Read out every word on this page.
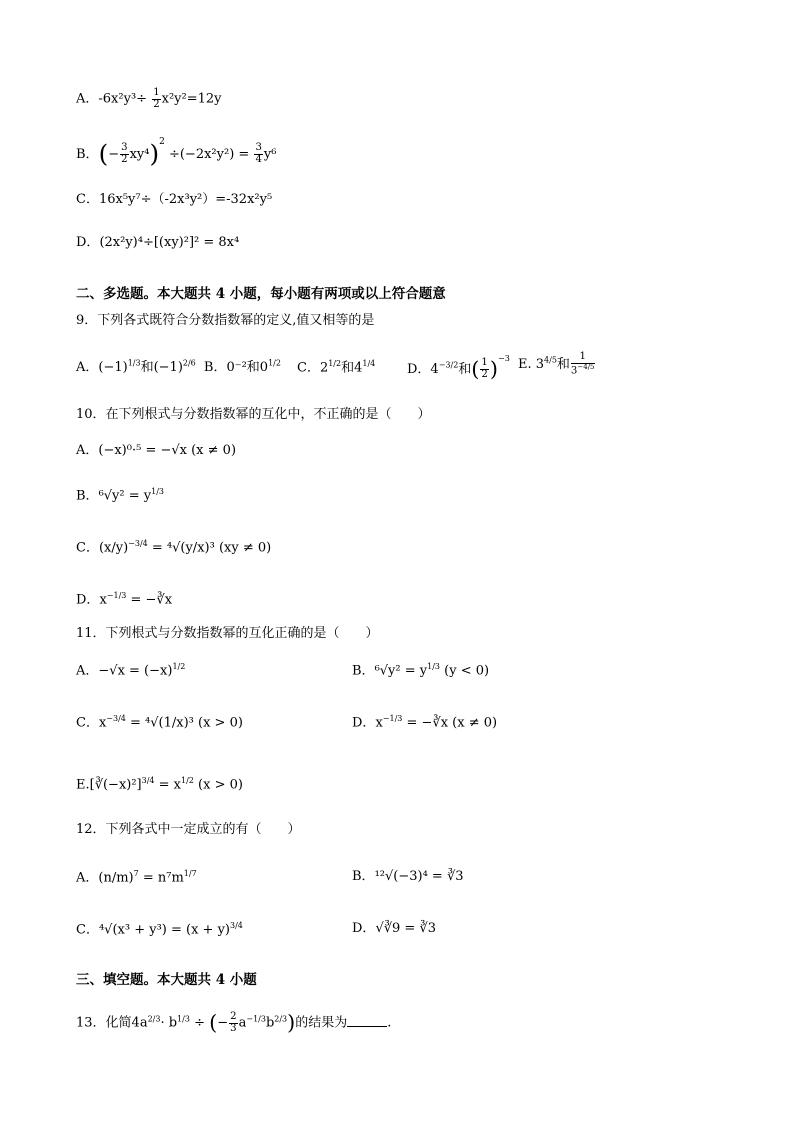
A．$-6x^2y^3\div \frac{1}{2} x^2y^2=12y$
B．(− $\frac{3}{2} xy^4)^2 \div(-2x^2y^2) = \frac{3}{4} y^6$
C．16x⁵y⁷÷（-2x³y²）=-32x²y⁵
D．(2x²y)⁴÷[(xy)²]² = 8x⁴
二、多选题。本大题共 4 小题，每小题有两项或以上符合题意
9．下列各式既符合分数指数幂的定义,值又相等的是
A．$(-1)^{1/3}$和$(-1)^{2/6}$ B．0⁻²和$0^{1/2}$ C．$2^{1/2}$和$4^{1/4}$ D．$4^{-3/2}$和( $\frac{1}{2} )^{-3}$ E. $3^{4/5}$和 $\frac{1}{3^{-4/5}}$
10．在下列根式与分数指数幂的互化中，不正确的是（　　）
A．(−x)⁰·⁵ = −√x (x ≠ 0)
B．$^6√y^2 = y^{1/3}$
C．$(x/y)^{-3/4} = ^4√(y/x)^3$ (xy ≠ 0)
D．$x^{-1/3}$ = −∛x
11．下列根式与分数指数幂的互化正确的是（　　）
A．$-√x = (-x)^{1/2}$	B．$^6√y^2 = y^{1/3}$ (y < 0)
C．$x^{-3/4} = ^4√(1/x)^3$ (x > 0)	D．$x^{-1/3}$ = −∛x (x ≠ 0)
E.[∛(−x)²]$^{3/4}$ = $x^{1/2}$ (x > 0)
12．下列各式中一定成立的有（　　）
A．$(n/m)^7 = n^7m^{1/7}$	B．¹²√(−3)⁴ = ∛3
C．$^4√(x^3 + y^3) = (x + y)^{3/4}$	D．√∛9 = ∛3
三、填空题。本大题共 4 小题
13．化简$4a^{2/3}\cdot b^{1/3}$ ÷ (− $\frac{2}{3} a^{-1/3}b^{2/3}$)的结果为	.
